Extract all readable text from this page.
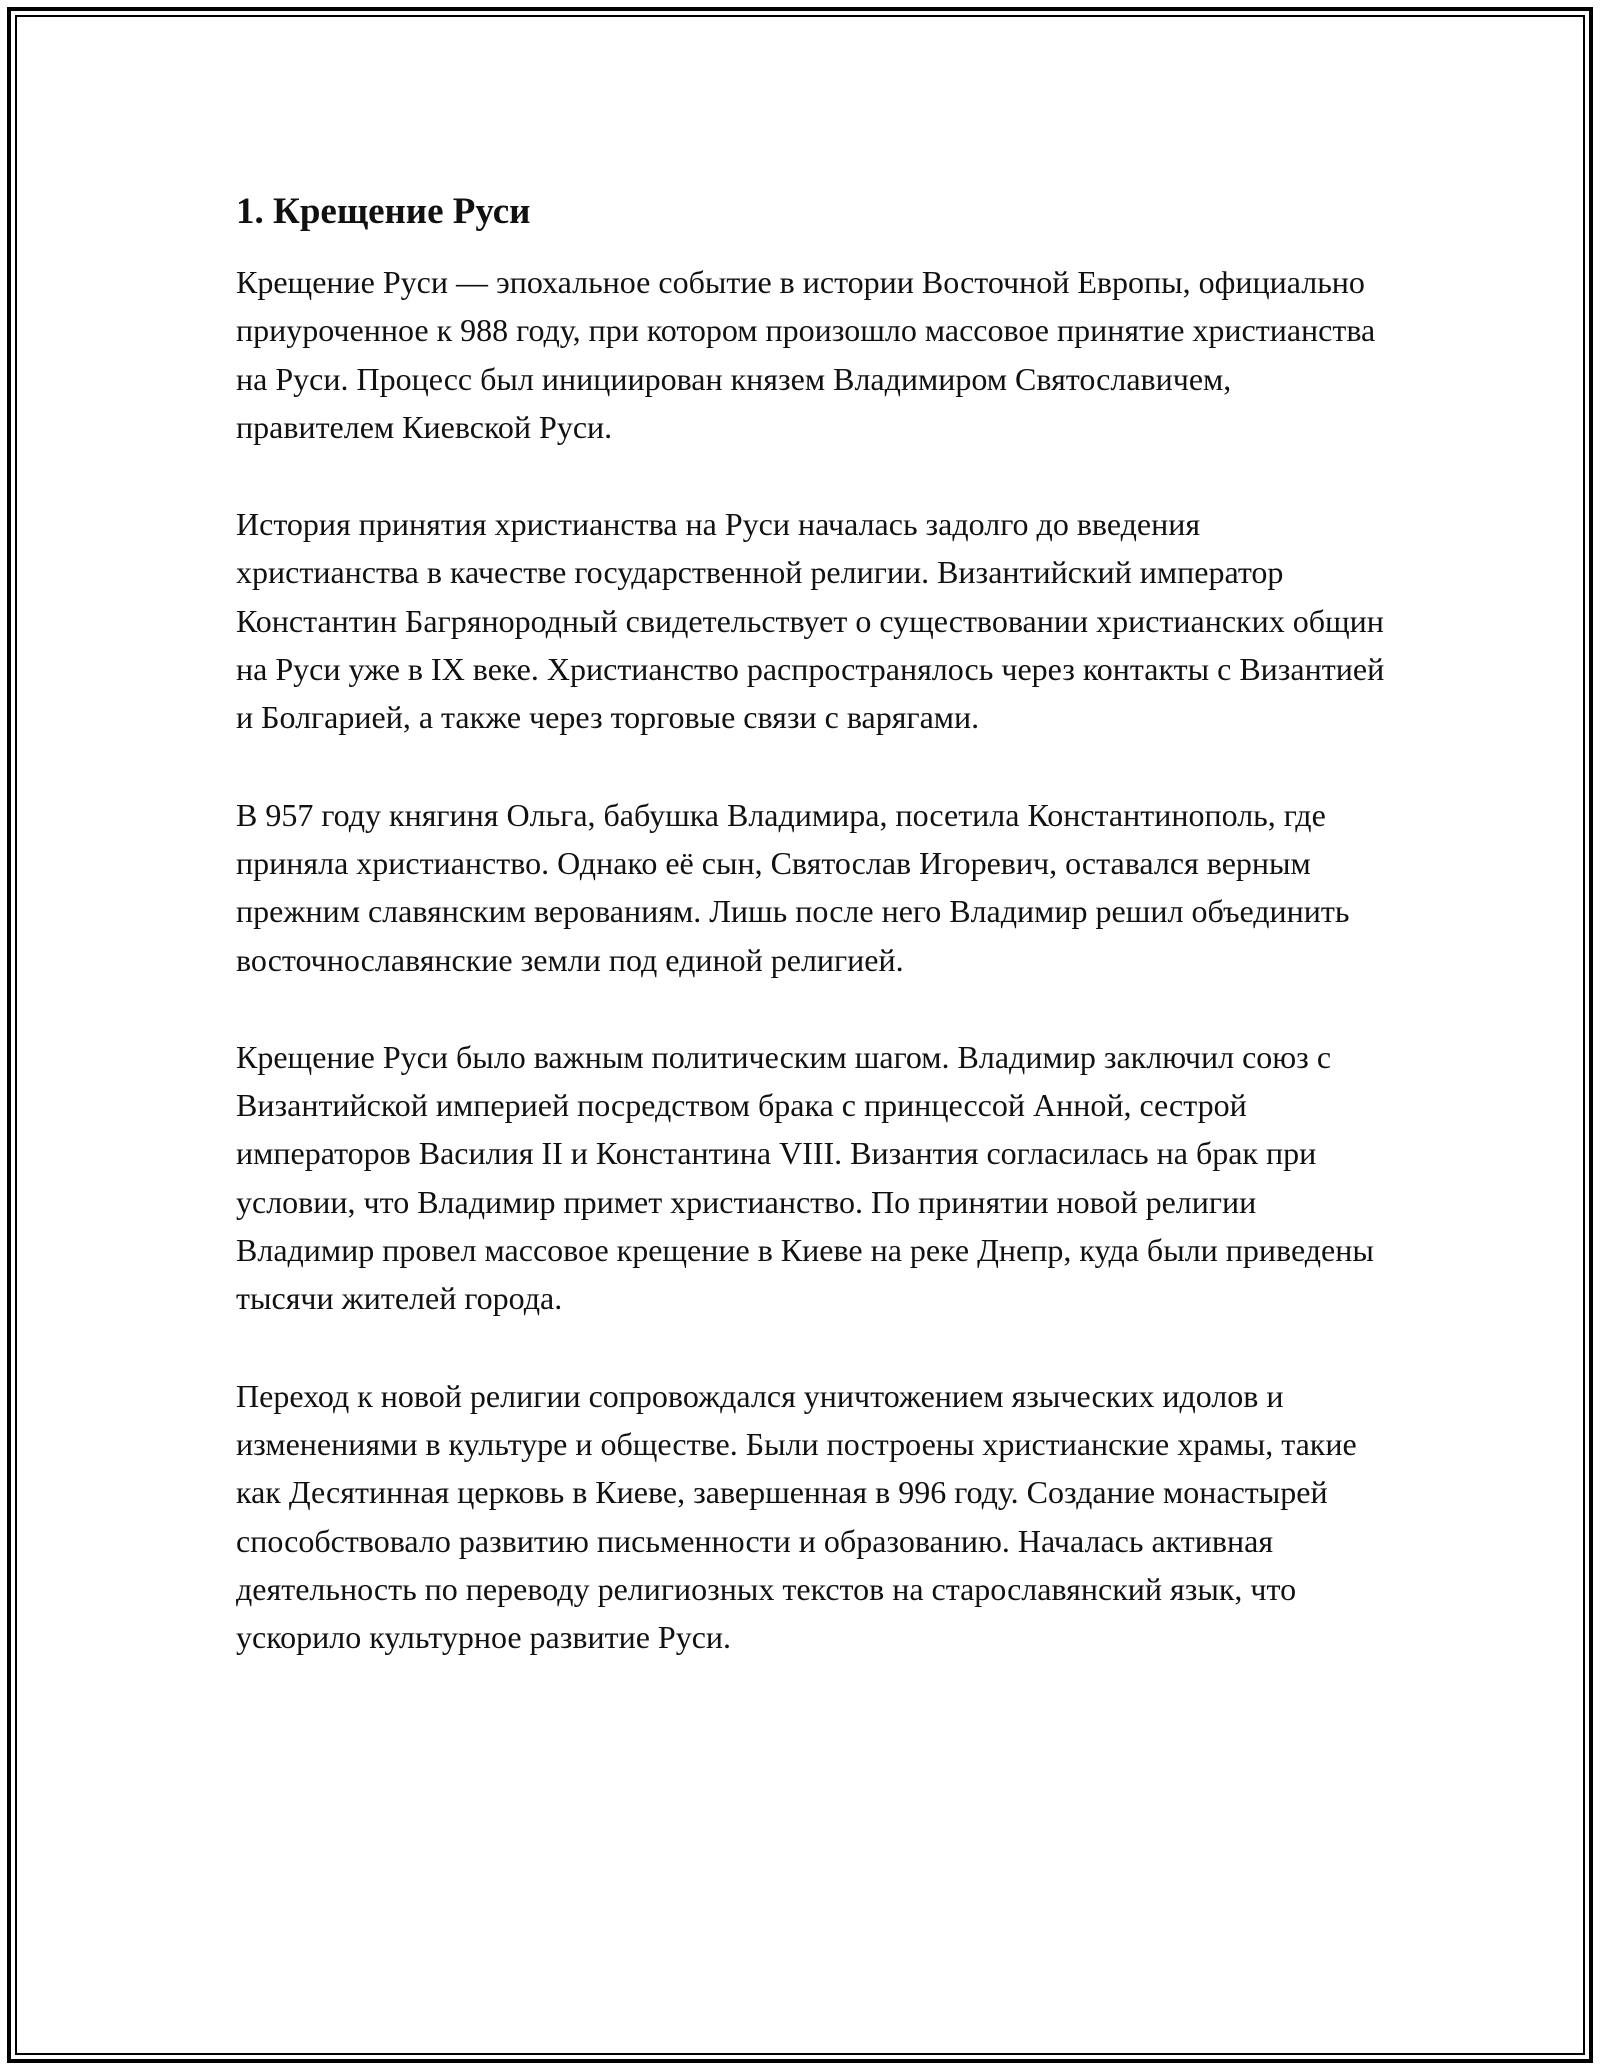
1. Крещение Руси

Крещение Руси — эпохальное событие в истории Восточной Европы, официально приуроченное к 988 году, при котором произошло массовое принятие христианства на Руси. Процесс был инициирован князем Владимиром Святославичем, правителем Киевской Руси.

История принятия христианства на Руси началась задолго до введения христианства в качестве государственной религии. Византийский император Константин Багрянородный свидетельствует о существовании христианских общин на Руси уже в IX веке. Христианство распространялось через контакты с Византией и Болгарией, а также через торговые связи с варягами.

В 957 году княгиня Ольга, бабушка Владимира, посетила Константинополь, где приняла христианство. Однако её сын, Святослав Игоревич, оставался верным прежним славянским верованиям. Лишь после него Владимир решил объединить восточнославянские земли под единой религией.

Крещение Руси было важным политическим шагом. Владимир заключил союз с Византийской империей посредством брака с принцессой Анной, сестрой императоров Василия II и Константина VIII. Византия согласилась на брак при условии, что Владимир примет христианство. По принятии новой религии Владимир провел массовое крещение в Киеве на реке Днепр, куда были приведены тысячи жителей города.

Переход к новой религии сопровождался уничтожением языческих идолов и изменениями в культуре и обществе. Были построены христианские храмы, такие как Десятинная церковь в Киеве, завершенная в 996 году. Создание монастырей способствовало развитию письменности и образованию. Началась активная деятельность по переводу религиозных текстов на старославянский язык, что ускорило культурное развитие Руси.
